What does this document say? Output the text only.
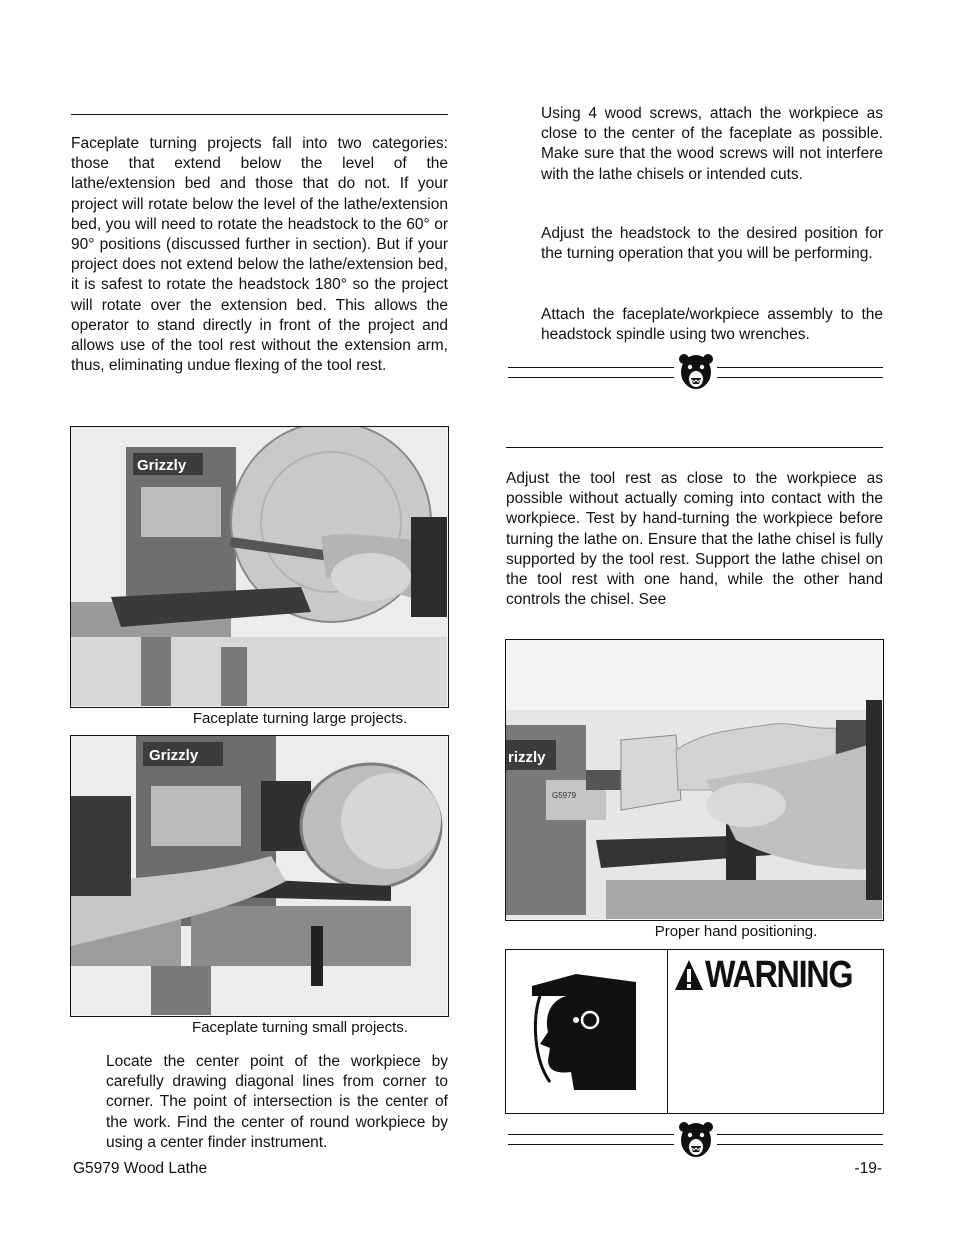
Faceplate turning projects fall into two categories: those that extend below the level of the lathe/extension bed and those that do not. If your project will rotate below the level of the lathe/extension bed, you will need to rotate the headstock to the 60° or 90° positions (discussed further in section). But if your project does not extend below the lathe/extension bed, it is safest to rotate the headstock 180° so the project will rotate over the extension bed. This allows the operator to stand directly in front of the project and allows use of the tool rest without the extension arm, thus, eliminating undue flexing of the tool rest.
Grizzly
Faceplate turning large projects.
Grizzly
Faceplate turning small projects.
Locate the center point of the workpiece by carefully drawing diagonal lines from corner to corner. The point of intersection is the center of the work. Find the center of round workpiece by using a center finder instrument.
Using 4 wood screws, attach the workpiece as close to the center of the faceplate as possible. Make sure that the wood screws will not interfere with the lathe chisels or intended cuts.
Adjust the headstock to the desired position for the turning operation that you will be performing.
Attach the faceplate/workpiece assembly to the headstock spindle using two wrenches.
Adjust the tool rest as close to the workpiece as possible without actually coming into contact with the workpiece. Test by hand-turning the workpiece before turning the lathe on. Ensure that the lathe chisel is fully supported by the tool rest. Support the lathe chisel on the tool rest with one hand, while the other hand controls the chisel. See
rizzly
G5979
Proper hand positioning.
WARNING
G5979 Wood Lathe	-19-
